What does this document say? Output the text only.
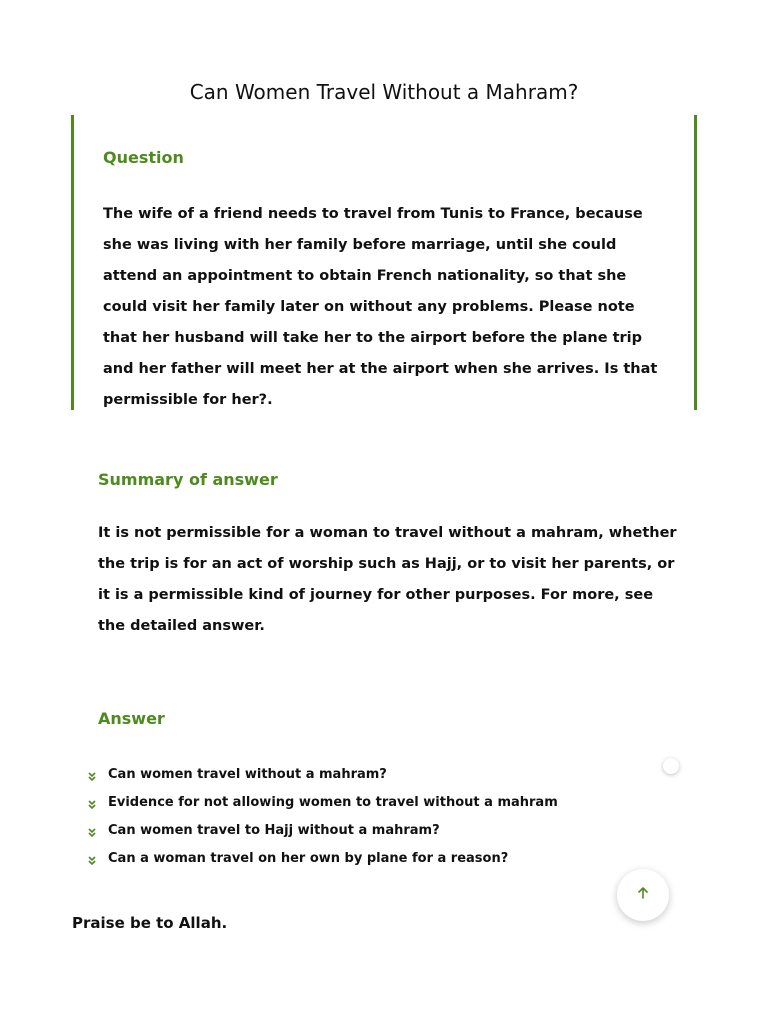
Can Women Travel Without a Mahram?
Question
The wife of a friend needs to travel from Tunis to France, because she was living with her family before marriage, until she could attend an appointment to obtain French nationality, so that she could visit her family later on without any problems. Please note that her husband will take her to the airport before the plane trip and her father will meet her at the airport when she arrives. Is that permissible for her?.
Summary of answer
It is not permissible for a woman to travel without a mahram, whether the trip is for an act of worship such as Hajj, or to visit her parents, or it is a permissible kind of journey for other purposes. For more, see the detailed answer.
Answer
Can women travel without a mahram?
Evidence for not allowing women to travel without a mahram
Can women travel to Hajj without a mahram?
Can a woman travel on her own by plane for a reason?
Praise be to Allah.
